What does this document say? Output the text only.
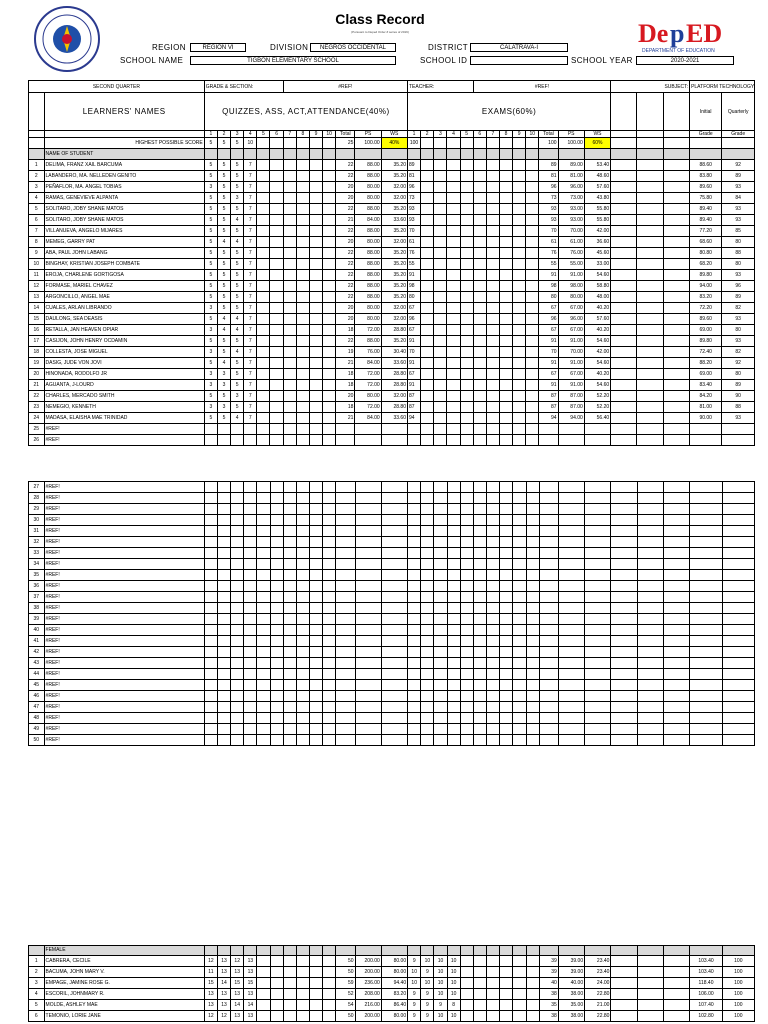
De p ED
DEPARTMENT OF EDUCATION
Class Record
(Pursuant to Deped Order # series of 2019)
REGION	REGION VI	DIVISION	NEGROS OCCIDENTAL	DISTRICT	CALATRAVA-I
SCHOOL NAME	TIGBON ELEMENTARY SCHOOL	SCHOOL ID	SCHOOL YEAR	2020-2021
SECOND QUARTER		GRADE & SECTION:						#REF!							TEACHER:					#REF!								SUBJECT:			PLATFORM TECHNOLOGY	
	LEARNERS' NAMES	QUIZZES, ASS, ACT,ATTENDANCE(40%)													EXAMS(60%)																Initial	Quarterly
		1	2	3	4	5	6	7	8	9	10	Total	PS	WS	1	2	3	4	5	6	7	8	9	10	Total	PS	WS				Grade	Grade
	HIGHEST POSSIBLE SCORE	5	5	5	10							25	100.00	40%	100										100	100.00	60%					
	NAME OF STUDENT																															
1	DELIMA, FRANZ XAIL BARCUMA	5	5	5	7							22	88.00	35.20	89										89	89.00	53.40				88.60	92
2	LABANDERO, MA. NELLEDEN GENITO	5	5	5	7							22	88.00	35.20	81										81	81.00	48.60				83.80	89
3	PEÑAFLOR, MA. ANGEL TOBIAS	3	5	5	7							20	80.00	32.00	96										96	96.00	57.60				89.60	93
4	RAMAS, GENEVIEVE ALPANTA	5	5	3	7							20	80.00	32.00	73										73	73.00	43.80				75.80	84
5	SOLITARO, JOBY SHANE MATOS	5	5	5	7							22	88.00	35.20	93										93	93.00	55.80				89.40	93
6	SOLITARO, JOBY SHANE MATOS	5	5	4	7							21	84.00	33.60	93										93	93.00	55.80				89.40	93
7	VILLANUEVA, ANGELO MIJARES	5	5	5	7							22	88.00	35.20	70										70	70.00	42.00				77.20	85
8	MEMEG, GARRY PAT	5	4	4	7							20	80.00	32.00	61										61	61.00	36.60				68.60	80
9	ABA, PAUL JOHN LABANG	5	5	5	7							22	88.00	35.20	76										76	76.00	45.60				80.80	88
10	BINGHAY, KRISTIAN JOSEPH COMBATE	5	5	5	7							22	88.00	35.20	55										55	55.00	33.00				68.20	80
11	EROJA, CHARLENE GORTIGOSA	5	5	5	7							22	88.00	35.20	91										91	91.00	54.60				89.80	93
12	FORMASE, MARIEL CHAVEZ	5	5	5	7							22	88.00	35.20	98										98	98.00	58.80				94.00	96
13	ARGONCILLO, ANGEL MAE	5	5	5	7							22	88.00	35.20	80										80	80.00	48.00				83.20	89
14	CUALES, ARLAN LIBRANDO	3	5	5	7							20	80.00	32.00	67										67	67.00	40.20				72.20	82
15	DAULONG, SEA DEASIS	5	4	4	7							20	80.00	32.00	96										96	96.00	57.60				89.60	93
16	RETALLA, JAN HEAVEN OPIAR	3	4	4	7							18	72.00	28.80	67										67	67.00	40.20				69.00	80
17	CASIJON, JOHN HENRY OCDAMIN	5	5	5	7							22	88.00	35.20	91										91	91.00	54.60				89.80	93
18	COLLESTA, JOSE MIGUEL	3	5	4	7							19	76.00	30.40	70										70	70.00	42.00				72.40	82
19	DASIG, JUDE VON JOVI	5	4	5	7							21	84.00	33.60	91										91	91.00	54.60				88.20	92
20	HINONADA, RODOLFO JR	3	3	5	7							18	72.00	28.80	67										67	67.00	40.20				69.00	80
21	AGUANTA, J-LOURD	3	3	5	7							18	72.00	28.80	91										91	91.00	54.60				83.40	89
22	CHARLES, MERCADO SMITH	5	5	3	7							20	80.00	32.00	87										87	87.00	52.20				84.20	90
23	NEMEGIO, KENNETH	3	3	5	7							18	72.00	28.80	87										87	87.00	52.20				81.00	88
24	MADASA, ELAISHA MAE TRINIDAD	5	5	4	7							21	84.00	33.60	94										94	94.00	56.40				90.00	93
25	#REF!																															
26	#REF!																															
27	#REF!																															
28	#REF!																															
29	#REF!																															
30	#REF!																															
31	#REF!																															
32	#REF!																															
33	#REF!																															
34	#REF!																															
35	#REF!																															
36	#REF!																															
37	#REF!																															
38	#REF!																															
39	#REF!																															
40	#REF!																															
41	#REF!																															
42	#REF!																															
43	#REF!																															
44	#REF!																															
45	#REF!																															
46	#REF!																															
47	#REF!																															
48	#REF!																															
49	#REF!																															
50	#REF!																															
	FEMALE																															
1	CABRERA, CECILE	12	13	12	13							50	200.00	80.00	9	10	10	10							39	39.00	23.40				103.40	100
2	BACUMA, JOHN MARY V.	11	13	13	13							50	200.00	80.00	10	9	10	10							39	39.00	23.40				103.40	100
3	EMPAGE, JAMINE ROSE G.	15	14	15	15							59	236.00	94.40	10	10	10	10							40	40.00	24.00				118.40	100
4	ESCORIL, JOHNMARY R.	13	13	13	13							52	208.00	83.20	9	9	10	10							38	38.00	22.80				106.00	100
5	MOLDE, ASHLEY MAE	13	13	14	14							54	216.00	86.40	9	9	9	8							35	35.00	21.00				107.40	100
6	TEMONIO, LORIE JANE	12	12	13	13							50	200.00	80.00	9	9	10	10							38	38.00	22.80				102.80	100
